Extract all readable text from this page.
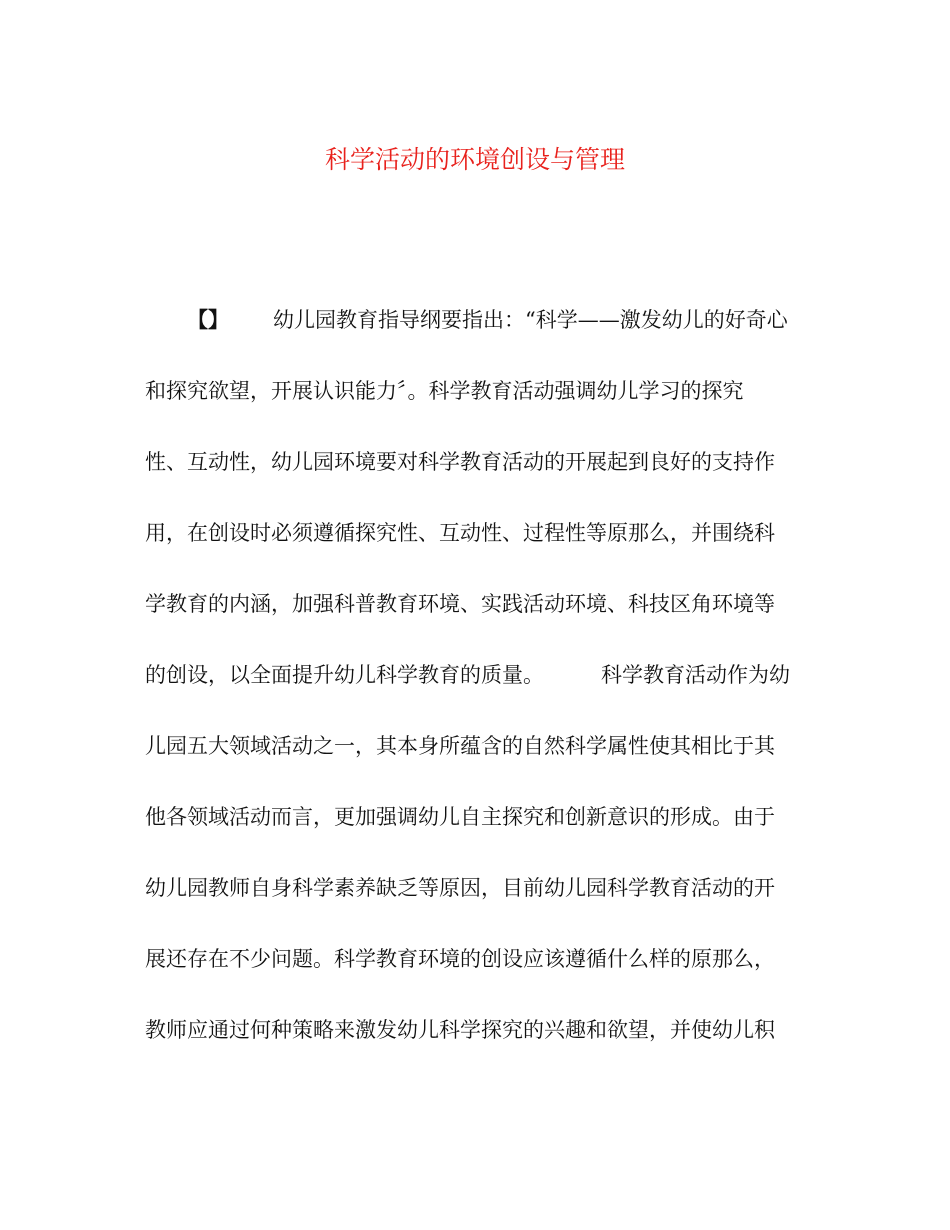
科学活动的环境创设与管理
【】 幼儿园教育指导纲要指出：“科学——激发幼儿的好奇心
和探究欲望，开展认识能力〞。科学教育活动强调幼儿学习的探究
性、互动性，幼儿园环境要对科学教育活动的开展起到良好的支持作
用，在创设时必须遵循探究性、互动性、过程性等原那么，并围绕科
学教育的内涵，加强科普教育环境、实践活动环境、科技区角环境等
的创设，以全面提升幼儿科学教育的质量。	科学教育活动作为幼
儿园五大领域活动之一，其本身所蕴含的自然科学属性使其相比于其
他各领域活动而言，更加强调幼儿自主探究和创新意识的形成。由于
幼儿园教师自身科学素养缺乏等原因，目前幼儿园科学教育活动的开
展还存在不少问题。科学教育环境的创设应该遵循什么样的原那么，
教师应通过何种策略来激发幼儿科学探究的兴趣和欲望，并使幼儿积
